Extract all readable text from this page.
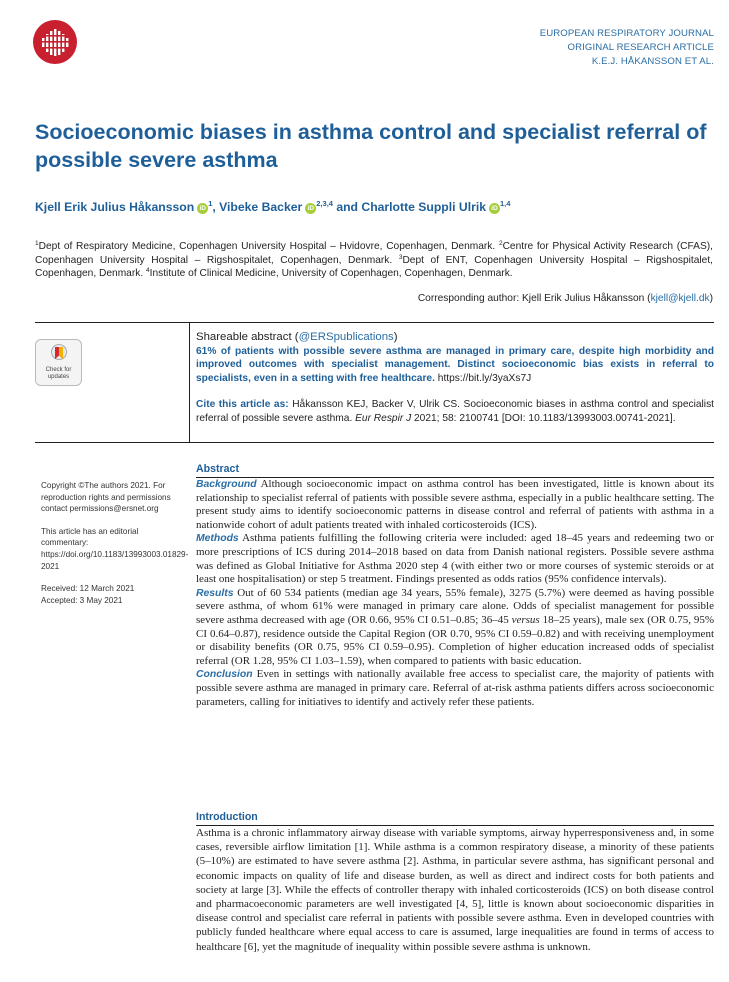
EUROPEAN RESPIRATORY JOURNAL
ORIGINAL RESEARCH ARTICLE
K.E.J. HÅKANSSON ET AL.
Socioeconomic biases in asthma control and specialist referral of possible severe asthma
Kjell Erik Julius Håkansson $iD^1$, Vibeke Backer iD$^{2,3,4}$ and Charlotte Suppli Ulrik iD$^{1,4}$
$^1$Dept of Respiratory Medicine, Copenhagen University Hospital – Hvidovre, Copenhagen, Denmark. $^2$Centre for Physical Activity Research (CFAS), Copenhagen University Hospital – Rigshospitalet, Copenhagen, Denmark. $^3$Dept of ENT, Copenhagen University Hospital – Rigshospitalet, Copenhagen, Denmark. $^4$Institute of Clinical Medicine, University of Copenhagen, Copenhagen, Denmark.
Corresponding author: Kjell Erik Julius Håkansson (kjell@kjell.dk)
Check for
updates
Shareable abstract (@ERSpublications)
61% of patients with possible severe asthma are managed in primary care, despite high morbidity and improved outcomes with specialist management. Distinct socioeconomic bias exists in referral to specialists, even in a setting with free healthcare. https://bit.ly/3yaXs7J
Cite this article as: Håkansson KEJ, Backer V, Ulrik CS. Socioeconomic biases in asthma control and specialist referral of possible severe asthma. Eur Respir J 2021; 58: 2100741 [DOI: 10.1183/13993003.00741-2021].

Copyright ©The authors 2021. For reproduction rights and permissions contact permissions@ersnet.org

This article has an editorial commentary: https://doi.org/10.1183/13993003.01829-2021

Received: 12 March 2021
Accepted: 3 May 2021
Abstract

Background Although socioeconomic impact on asthma control has been investigated, little is known about its relationship to specialist referral of patients with possible severe asthma, especially in a public healthcare setting. The present study aims to identify socioeconomic patterns in disease control and referral of patients with asthma in a nationwide cohort of adult patients treated with inhaled corticosteroids (ICS).

Methods Asthma patients fulfilling the following criteria were included: aged 18–45 years and redeeming two or more prescriptions of ICS during 2014–2018 based on data from Danish national registers. Possible severe asthma was defined as Global Initiative for Asthma 2020 step 4 (with either two or more courses of systemic steroids or at least one hospitalisation) or step 5 treatment. Findings presented as odds ratios (95% confidence intervals).

Results Out of 60 534 patients (median age 34 years, 55% female), 3275 (5.7%) were deemed as having possible severe asthma, of whom 61% were managed in primary care alone. Odds of specialist management for possible severe asthma decreased with age (OR 0.66, 95% CI 0.51–0.85; 36–45 versus 18–25 years), male sex (OR 0.75, 95% CI 0.64–0.87), residence outside the Capital Region (OR 0.70, 95% CI 0.59–0.82) and with receiving unemployment or disability benefits (OR 0.75, 95% CI 0.59–0.95). Completion of higher education increased odds of specialist referral (OR 1.28, 95% CI 1.03–1.59), when compared to patients with basic education.

Conclusion Even in settings with nationally available free access to specialist care, the majority of patients with possible severe asthma are managed in primary care. Referral of at-risk asthma patients differs across socioeconomic parameters, calling for initiatives to identify and actively refer these patients.

Introduction
Asthma is a chronic inflammatory airway disease with variable symptoms, airway hyperresponsiveness and, in some cases, reversible airflow limitation [1]. While asthma is a common respiratory disease, a minority of these patients (5–10%) are estimated to have severe asthma [2]. Asthma, in particular severe asthma, has significant personal and economic impacts on quality of life and disease burden, as well as direct and indirect costs for both patients and society at large [3]. While the effects of controller therapy with inhaled corticosteroids (ICS) on both disease control and pharmacoeconomic parameters are well investigated [4, 5], little is known about socioeconomic disparities in disease control and specialist care referral in patients with possible severe asthma. Even in developed countries with publicly funded healthcare where equal access to care is assumed, large inequalities are found in terms of access to healthcare [6], yet the magnitude of inequality within possible severe asthma is unknown.
